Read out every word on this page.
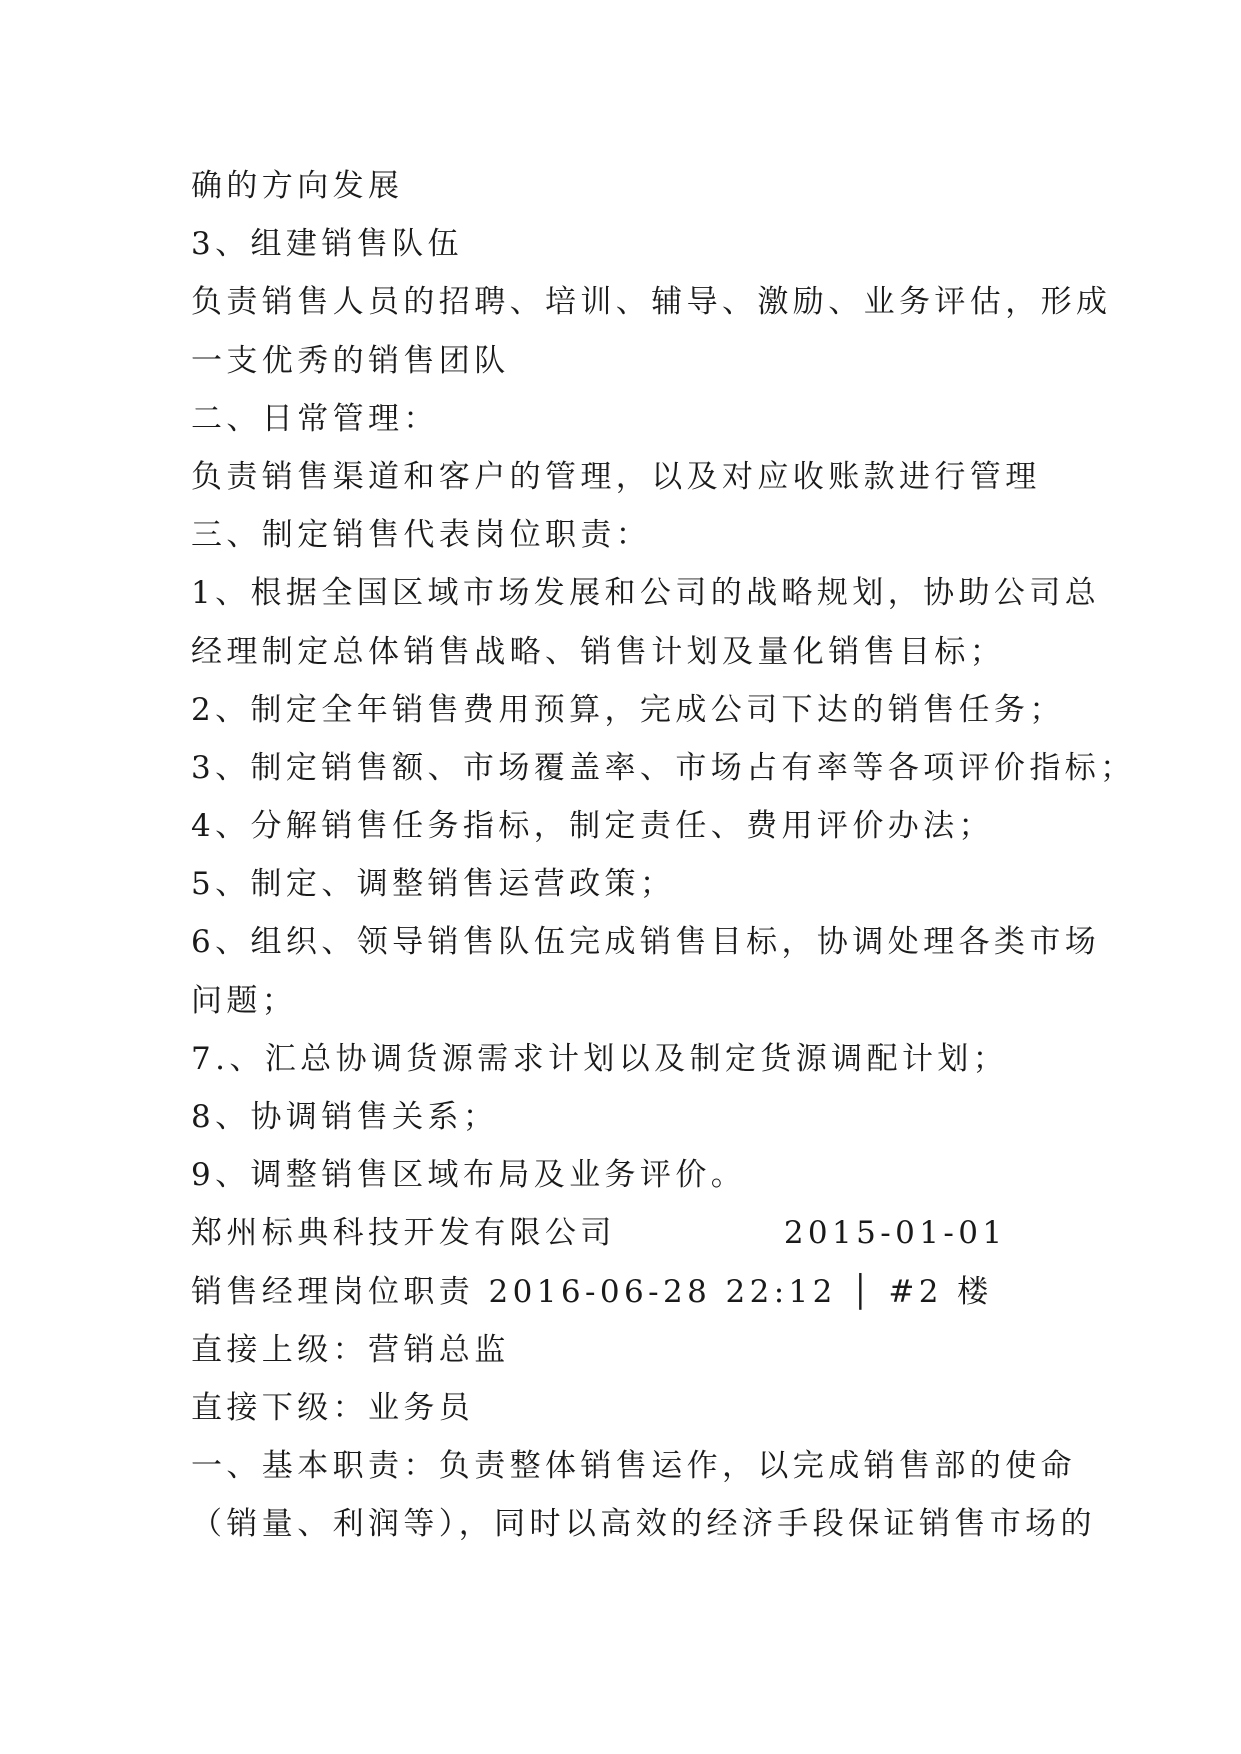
确的方向发展
3、组建销售队伍
负责销售人员的招聘、培训、辅导、激励、业务评估，形成
一支优秀的销售团队
二、日常管理：
负责销售渠道和客户的管理，以及对应收账款进行管理
三、制定销售代表岗位职责：
1、根据全国区域市场发展和公司的战略规划，协助公司总
经理制定总体销售战略、销售计划及量化销售目标；
2、制定全年销售费用预算，完成公司下达的销售任务；
3、制定销售额、市场覆盖率、市场占有率等各项评价指标；
4、分解销售任务指标，制定责任、费用评价办法；
5、制定、调整销售运营政策；
6、组织、领导销售队伍完成销售目标，协调处理各类市场
问题；
7.、汇总协调货源需求计划以及制定货源调配计划；
8、协调销售关系；
9、调整销售区域布局及业务评价。
郑州标典科技开发有限公司	2015-01-01
销售经理岗位职责 2016-06-28 22:12 │ #2 楼
直接上级：营销总监
直接下级：业务员
一、基本职责：负责整体销售运作，以完成销售部的使命
（销量、利润等），同时以高效的经济手段保证销售市场的
